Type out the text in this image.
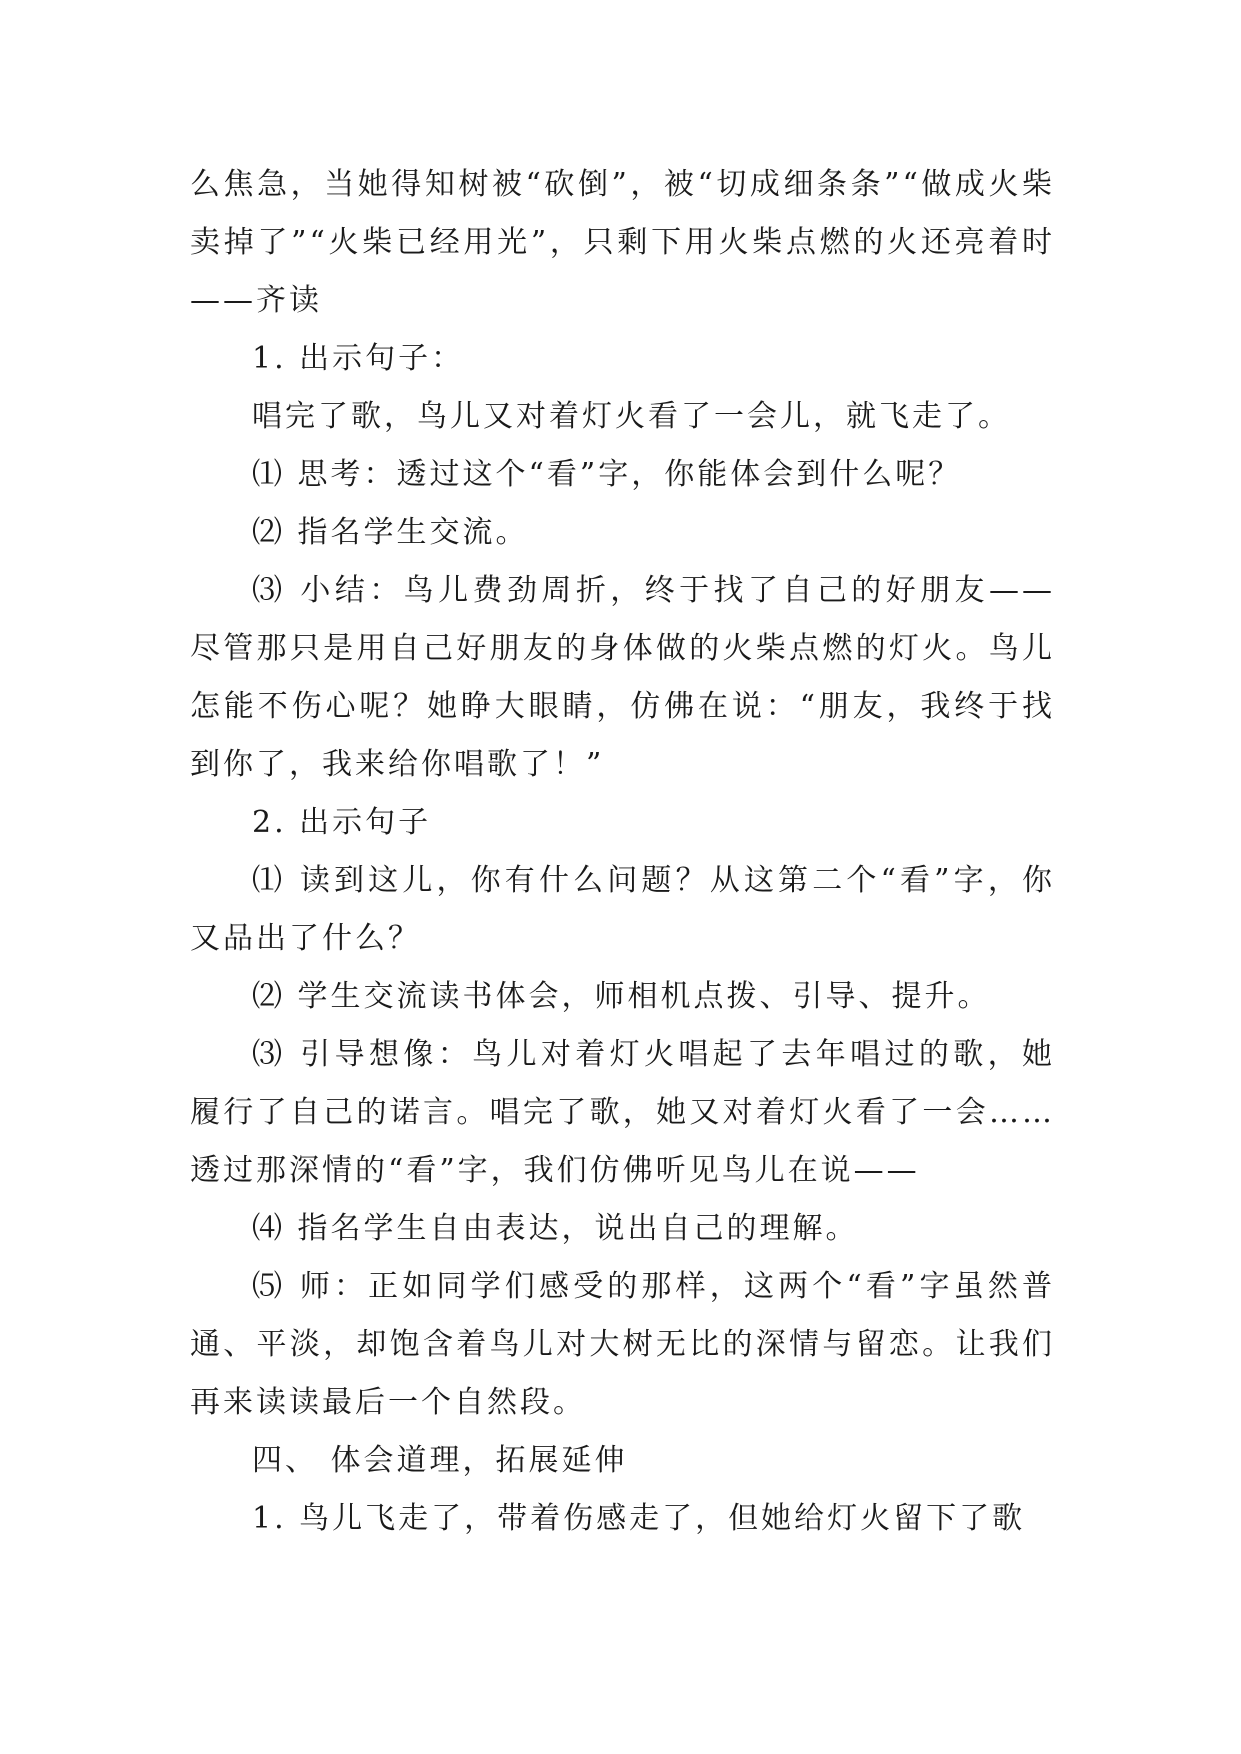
么焦急，当她得知树被“砍倒”，被“切成细条条”“做成火柴卖掉了”“火柴已经用光”，只剩下用火柴点燃的火还亮着时——齐读

1. 出示句子：

唱完了歌，鸟儿又对着灯火看了一会儿，就飞走了。

⑴ 思考：透过这个“看”字，你能体会到什么呢？

⑵ 指名学生交流。

⑶ 小结：鸟儿费劲周折，终于找了自己的好朋友——尽管那只是用自己好朋友的身体做的火柴点燃的灯火。鸟儿怎能不伤心呢？她睁大眼睛，仿佛在说：“朋友，我终于找到你了，我来给你唱歌了！”

2. 出示句子

⑴ 读到这儿，你有什么问题？从这第二个“看”字，你又品出了什么？

⑵ 学生交流读书体会，师相机点拨、引导、提升。

⑶ 引导想像：鸟儿对着灯火唱起了去年唱过的歌，她履行了自己的诺言。唱完了歌，她又对着灯火看了一会……透过那深情的“看”字，我们仿佛听见鸟儿在说——

⑷ 指名学生自由表达，说出自己的理解。

⑸ 师：正如同学们感受的那样，这两个“看”字虽然普通、平淡，却饱含着鸟儿对大树无比的深情与留恋。让我们再来读读最后一个自然段。

四、 体会道理，拓展延伸

1. 鸟儿飞走了，带着伤感走了，但她给灯火留下了歌
